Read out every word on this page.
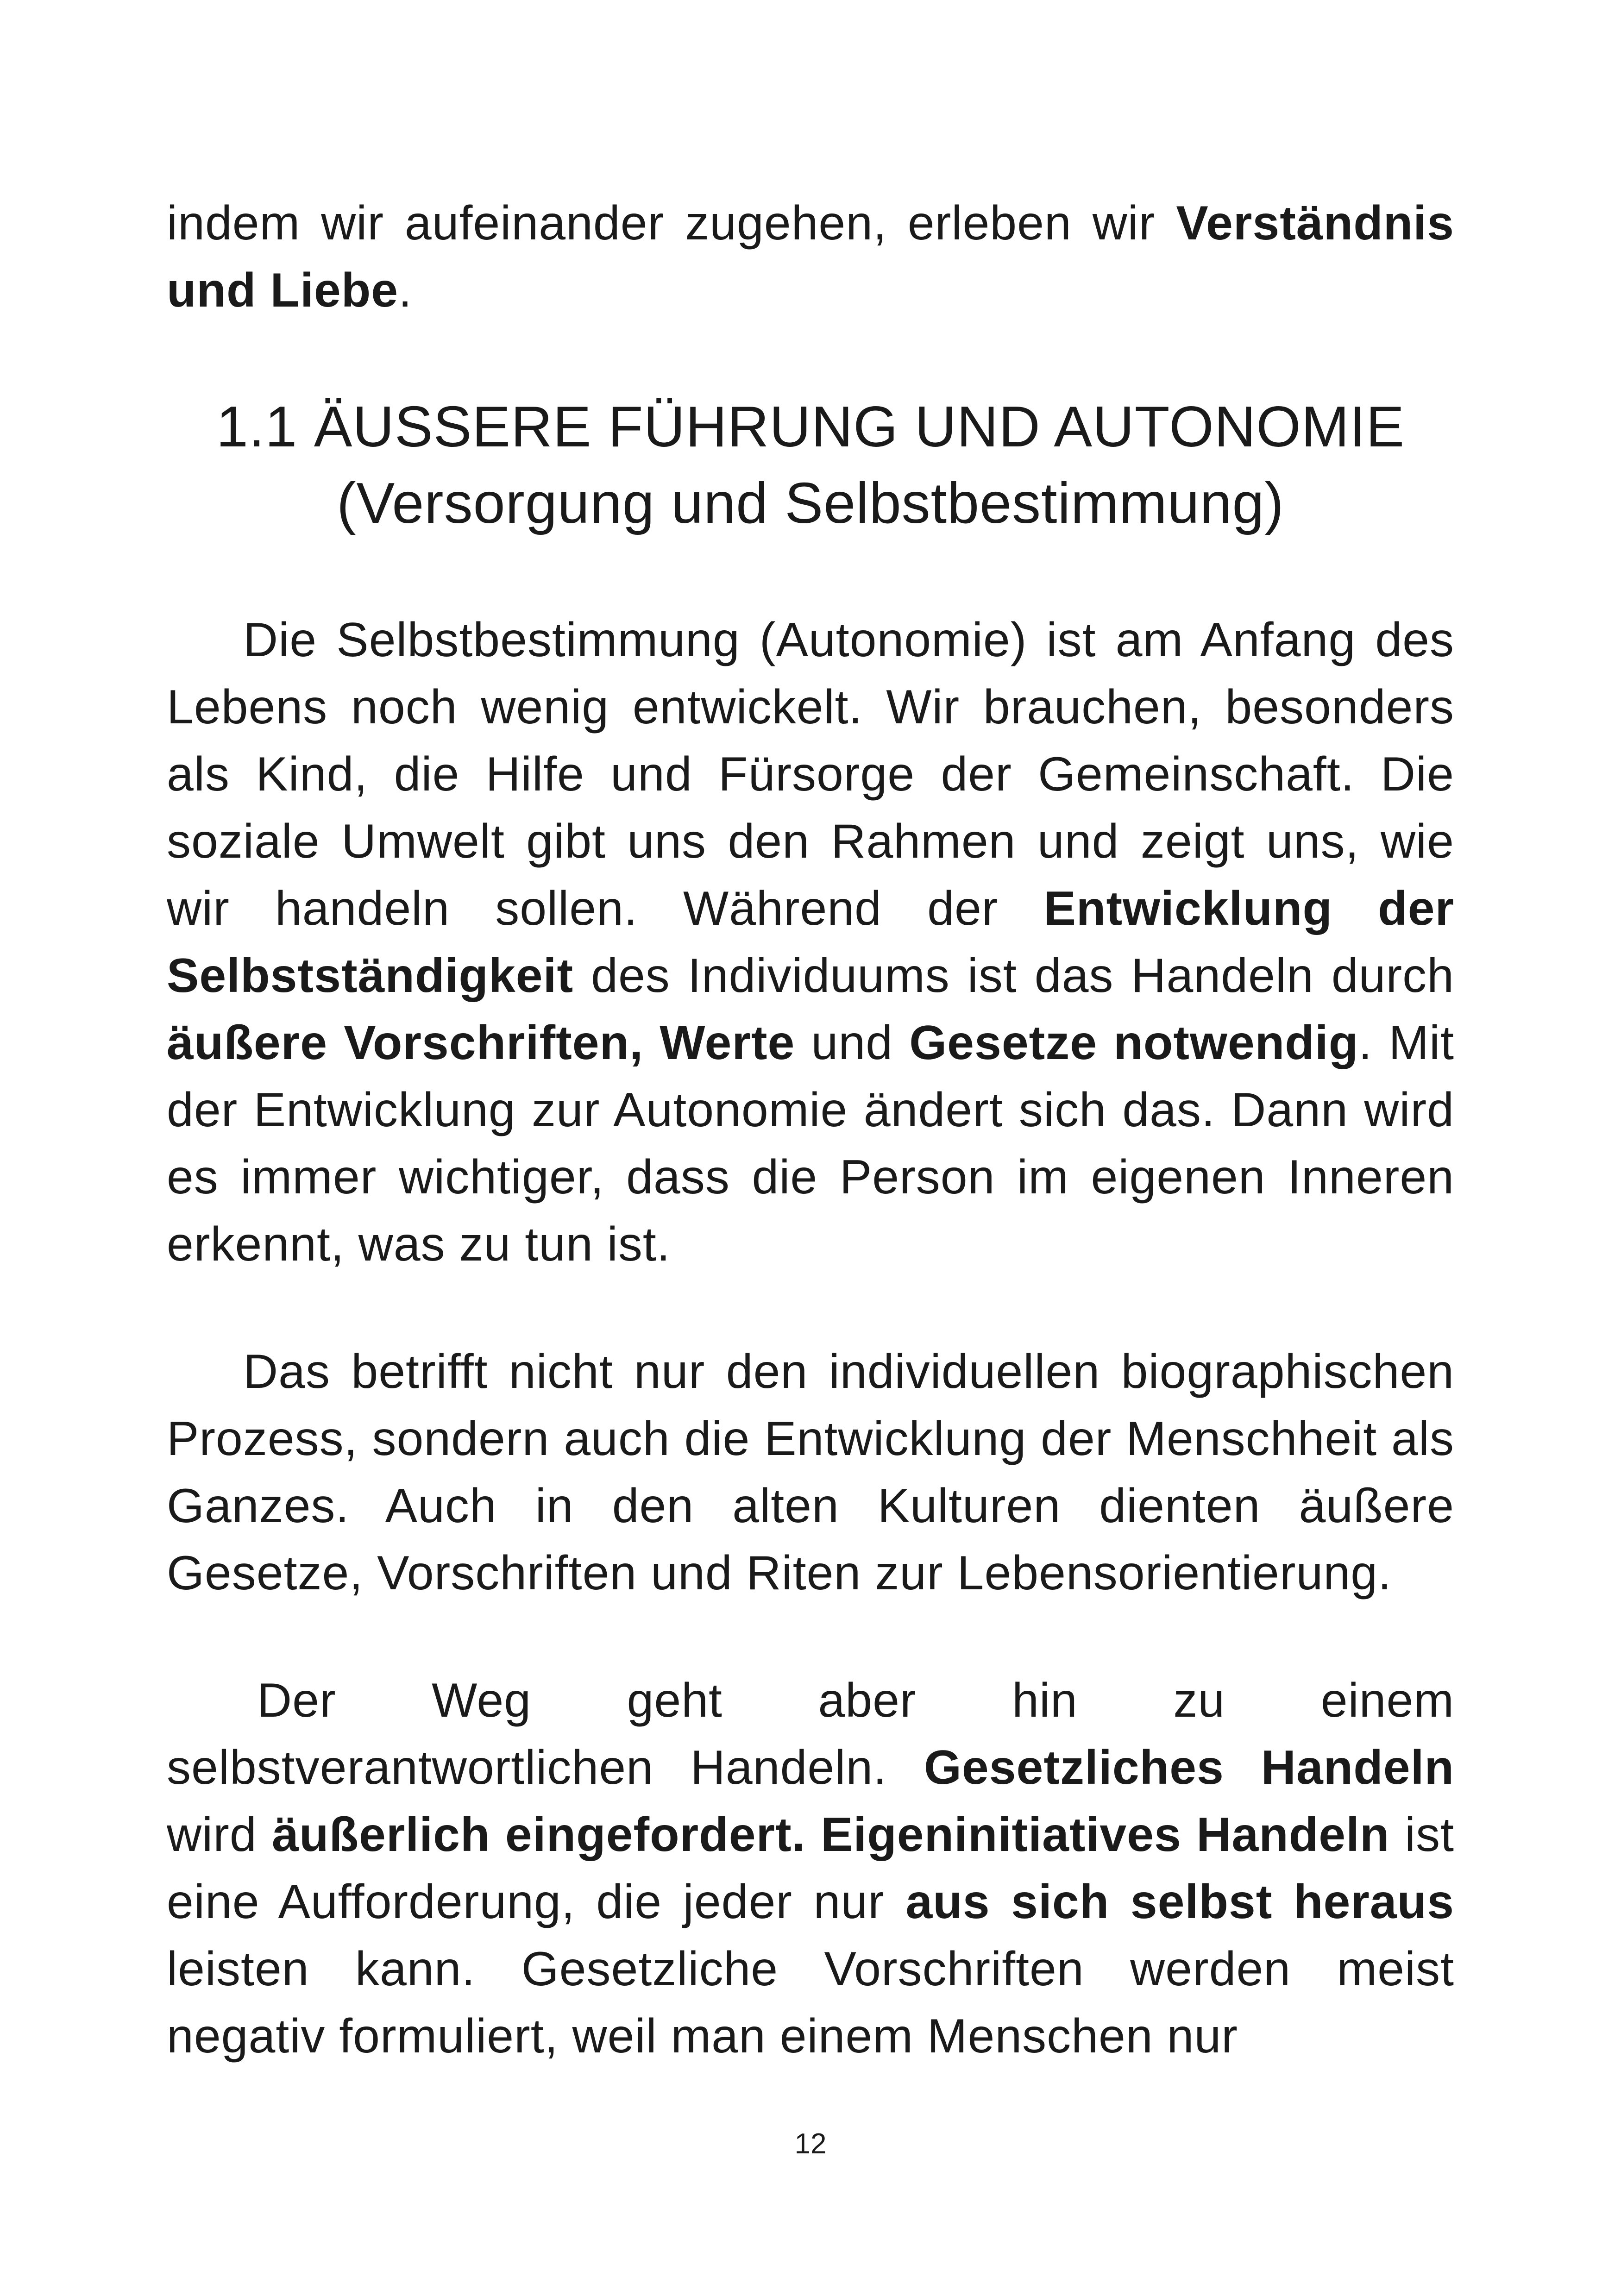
indem wir aufeinander zugehen, erleben wir Verständnis und Liebe.

1.1 ÄUSSERE FÜHRUNG UND AUTONOMIE
(Versorgung und Selbstbestimmung)

Die Selbstbestimmung (Autonomie) ist am Anfang des Lebens noch wenig entwickelt. Wir brauchen, besonders als Kind, die Hilfe und Fürsorge der Gemeinschaft. Die soziale Umwelt gibt uns den Rahmen und zeigt uns, wie wir handeln sollen. Während der Entwicklung der Selbstständigkeit des Individuums ist das Handeln durch äußere Vorschriften, Werte und Gesetze notwendig. Mit der Entwicklung zur Autonomie ändert sich das. Dann wird es immer wichtiger, dass die Person im eigenen Inneren erkennt, was zu tun ist.

Das betrifft nicht nur den individuellen biographischen Prozess, sondern auch die Entwicklung der Menschheit als Ganzes. Auch in den alten Kulturen dienten äußere Gesetze, Vorschriften und Riten zur Lebensorientierung.

Der Weg geht aber hin zu einem selbstverantwortlichen Handeln. Gesetzliches Handeln wird äußerlich eingefordert. Eigeninitiatives Handeln ist eine Aufforderung, die jeder nur aus sich selbst heraus leisten kann. Gesetzliche Vorschriften werden meist negativ formuliert, weil man einem Menschen nur

12
